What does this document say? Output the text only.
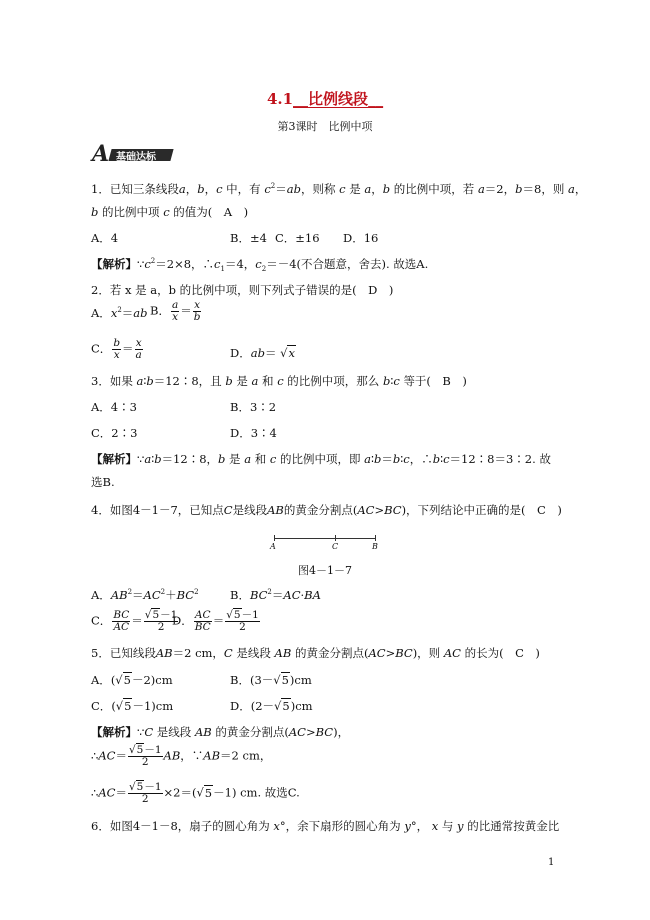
4.1__比例线段__
第3课时　比例中项
A 基础达标
1．已知三条线段a，b，c 中，有 $c^2=ab$，则称 c 是 a，b 的比例中项，若 a＝2，b＝8，则 a，
b 的比例中项 c 的值为(　A　)
A．4	B．±4 C．±16 D．16
【解析】$\because c^2=2\times 8$，$\therefore c_1=4$，$c_2=-4$(不合题意，舍去). 故选A.
2．若 x 是 a，b 的比例中项，则下列式子错误的是(　D　)
A．$x^2=ab$ B． $\frac{a}{x} = \frac{x}{b}$
C． $\frac{b}{x} = \frac{x}{a}$	D．ab＝ √x
3．如果 a∶b＝12∶8，且 b 是 a 和 c 的比例中项，那么 b∶c 等于(　B　)
A．4∶3	B．3∶2
C．2∶3	D．3∶4
【解析】∵a∶b＝12∶8，b 是 a 和 c 的比例中项，即 a∶b＝b∶c，∴b∶c＝12∶8＝3∶2. 故
选B.
4．如图4－1－7，已知点C是线段AB的黄金分割点(AC>BC)，下列结论中正确的是(　C　)
A	C	B
图4－1－7
A．$AB^2=AC^2+BC^2$	B．$BC^2=AC\cdot BA$
C． $\frac{BC}{AC} = \frac{√5-1}{2}$
D． $\frac{AC}{BC} = \frac{√5-1}{2}$
5．已知线段AB＝2 cm，C 是线段 AB 的黄金分割点(AC>BC)，则 AC 的长为(　C　)
A．(√5－2)cm	B．(3－√5)cm
C．(√5－1)cm	D．(2－√5)cm
【解析】∵C 是线段 AB 的黄金分割点(AC>BC)，
∴AC＝ $\frac{√5-1}{2}$ AB，∵AB＝2 cm，
∴AC＝ $\frac{√5-1}{2} \times 2=(√5-1)$ cm. 故选C.
6．如图4－1－8，扇子的圆心角为 x°，余下扇形的圆心角为 y°， x 与 y 的比通常按黄金比
1
